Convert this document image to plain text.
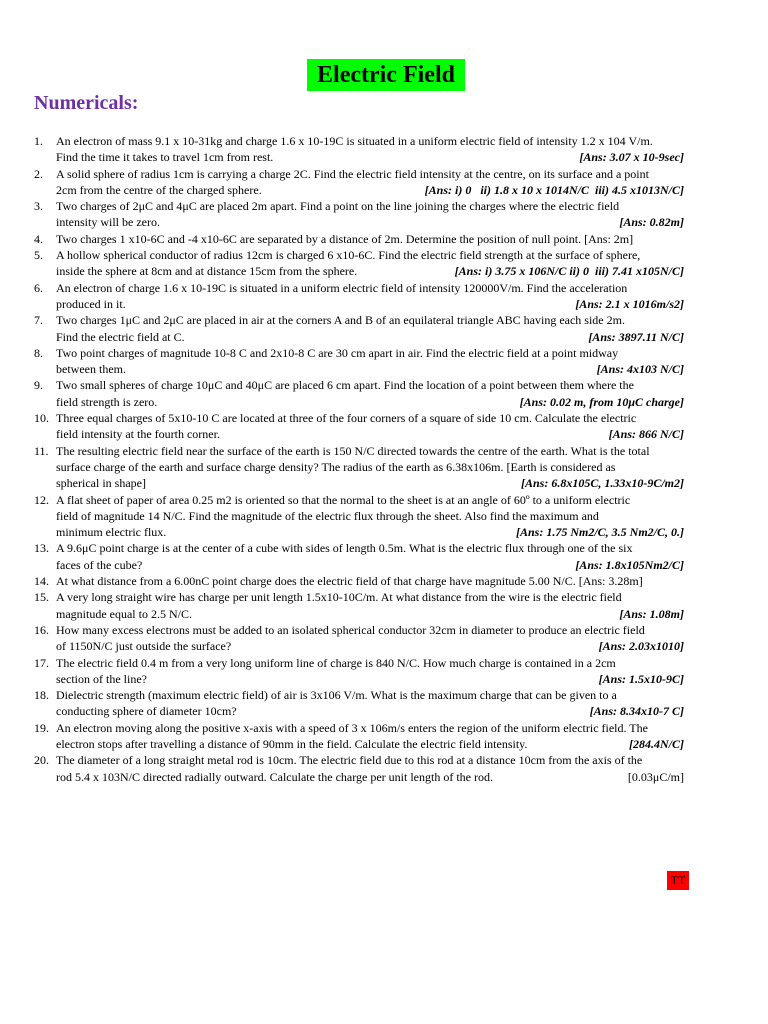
Electric Field
Numericals:
1.	An electron of mass 9.1 x 10-31kg and charge 1.6 x 10-19C is situated in a uniform electric field of intensity 1.2 x 104 V/m.
Find the time it takes to travel 1cm from rest.	[Ans: 3.07 x 10-9sec]
2.	A solid sphere of radius 1cm is carrying a charge 2C. Find the electric field intensity at the centre, on its surface and a point
2cm from the centre of the charged sphere.	[Ans: i) 0   ii) 1.8 x 10 x 1014N/C  iii) 4.5 x1013N/C]
3.	Two charges of 2μC and 4μC are placed 2m apart. Find a point on the line joining the charges where the electric field
intensity will be zero.	[Ans: 0.82m]
4.	Two charges 1 x10-6C and -4 x10-6C are separated by a distance of 2m. Determine the position of null point. [Ans: 2m]
5.	A hollow spherical conductor of radius 12cm is charged 6 x10-6C. Find the electric field strength at the surface of sphere,
inside the sphere at 8cm and at distance 15cm from the sphere.	[Ans: i) 3.75 x 106N/C ii) 0  iii) 7.41 x105N/C]
6.	An electron of charge 1.6 x 10-19C is situated in a uniform electric field of intensity 120000V/m. Find the acceleration
produced in it.	[Ans: 2.1 x 1016m/s2]
7.	Two charges 1μC and 2μC are placed in air at the corners A and B of an equilateral triangle ABC having each side 2m.
Find the electric field at C.	[Ans: 3897.11 N/C]
8.	Two point charges of magnitude 10-8 C and 2x10-8 C are 30 cm apart in air. Find the electric field at a point midway
between them.	[Ans: 4x103 N/C]
9.	Two small spheres of charge 10μC and 40μC are placed 6 cm apart. Find the location of a point between them where the
field strength is zero.	[Ans: 0.02 m, from 10μC charge]
10. Three equal charges of 5x10-10 C are located at three of the four corners of a square of side 10 cm. Calculate the electric
field intensity at the fourth corner.	[Ans: 866 N/C]
11. The resulting electric field near the surface of the earth is 150 N/C directed towards the centre of the earth. What is the total
surface charge of the earth and surface charge density? The radius of the earth as 6.38x106m. [Earth is considered as
spherical in shape]	[Ans: 6.8x105C, 1.33x10-9C/m2]
12. A flat sheet of paper of area 0.25 m2 is oriented so that the normal to the sheet is at an angle of 60º to a uniform electric
field of magnitude 14 N/C. Find the magnitude of the electric flux through the sheet. Also find the maximum and
minimum electric flux.	[Ans: 1.75 Nm2/C, 3.5 Nm2/C, 0.]
13. A 9.6μC point charge is at the center of a cube with sides of length 0.5m. What is the electric flux through one of the six
faces of the cube?	[Ans: 1.8x105Nm2/C]
14. At what distance from a 6.00nC point charge does the electric field of that charge have magnitude 5.00 N/C. [Ans: 3.28m]
15. A very long straight wire has charge per unit length 1.5x10-10C/m. At what distance from the wire is the electric field
magnitude equal to 2.5 N/C.	[Ans: 1.08m]
16. How many excess electrons must be added to an isolated spherical conductor 32cm in diameter to produce an electric field
of 1150N/C just outside the surface?	[Ans: 2.03x1010]
17. The electric field 0.4 m from a very long uniform line of charge is 840 N/C. How much charge is contained in a 2cm
section of the line?	[Ans: 1.5x10-9C]
18. Dielectric strength (maximum electric field) of air is 3x106 V/m. What is the maximum charge that can be given to a
conducting sphere of diameter 10cm?	[Ans: 8.34x10-7 C]
19. An electron moving along the positive x-axis with a speed of 3 x 106m/s enters the region of the uniform electric field. The
electron stops after travelling a distance of 90mm in the field. Calculate the electric field intensity.	[284.4N/C]
20. The diameter of a long straight metal rod is 10cm. The electric field due to this rod at a distance 10cm from the axis of the
rod 5.4 x 103N/C directed radially outward. Calculate the charge per unit length of the rod.	[0.03μC/m]
TT
